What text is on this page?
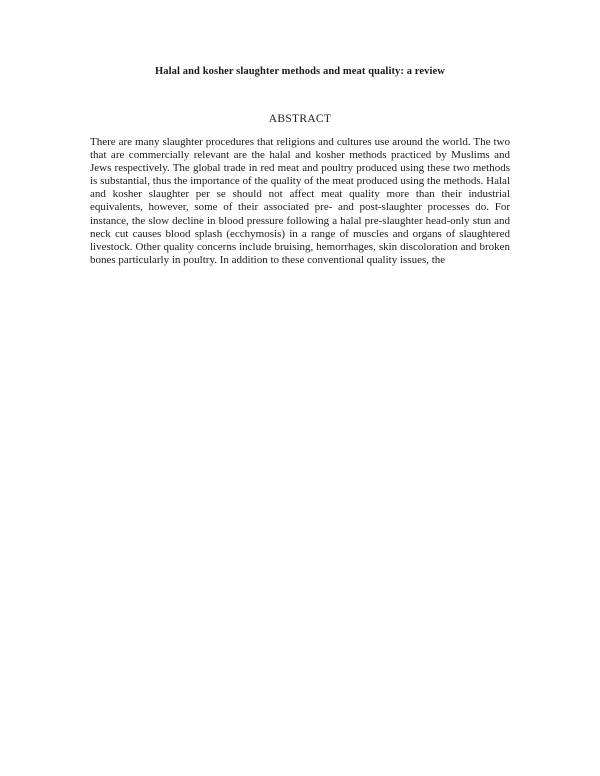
Halal and kosher slaughter methods and meat quality: a review
ABSTRACT

There are many slaughter procedures that religions and cultures use around the world. The two that are commercially relevant are the halal and kosher methods practiced by Muslims and Jews respectively. The global trade in red meat and poultry produced using these two methods is substantial, thus the importance of the quality of the meat produced using the methods. Halal and kosher slaughter per se should not affect meat quality more than their industrial equivalents, however, some of their associated pre- and post-slaughter processes do. For instance, the slow decline in blood pressure following a halal pre-slaughter head-only stun and neck cut causes blood splash (ecchymosis) in a range of muscles and organs of slaughtered livestock. Other quality concerns include bruising, hemorrhages, skin discoloration and broken bones particularly in poultry. In addition to these conventional quality issues, the
